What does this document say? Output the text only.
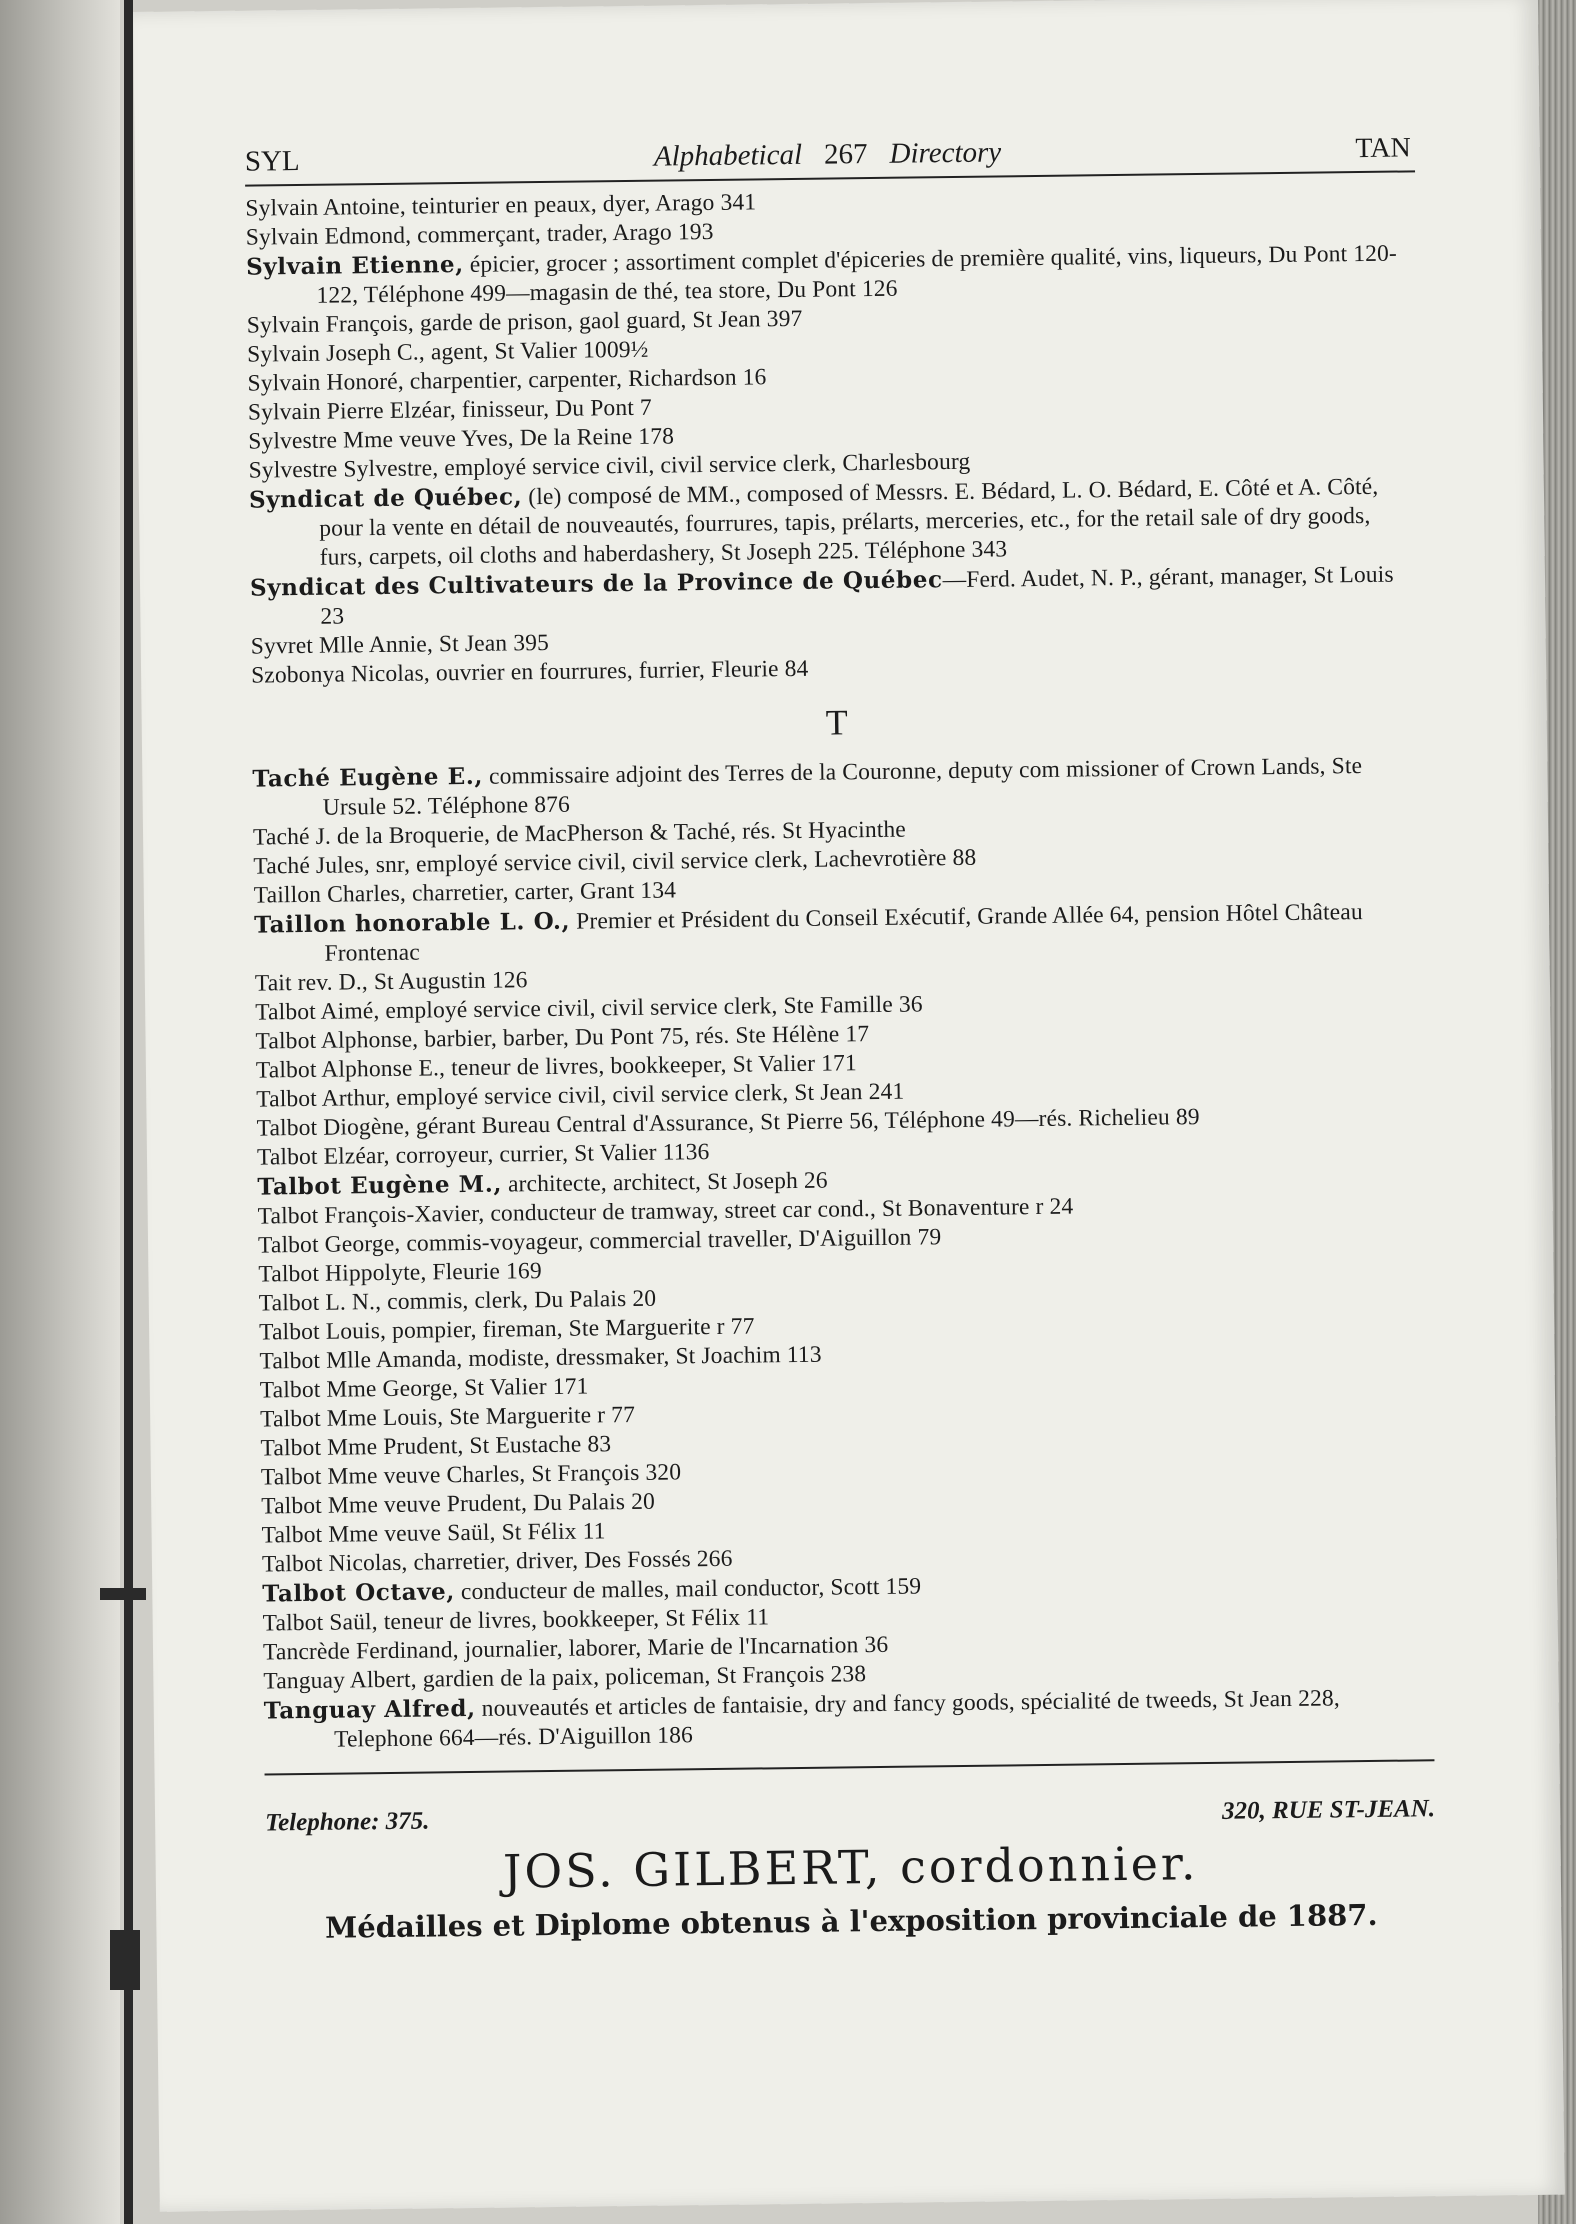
SYL	Alphabetical 267 Directory	TAN

Sylvain Antoine, teinturier en peaux, dyer, Arago 341

Sylvain Edmond, commerçant, trader, Arago 193

Sylvain Etienne, épicier, grocer ; assortiment complet d'épiceries de première qualité, vins, liqueurs, Du Pont 120-122, Téléphone 499—magasin de thé, tea store, Du Pont 126

Sylvain François, garde de prison, gaol guard, St Jean 397

Sylvain Joseph C., agent, St Valier 1009½

Sylvain Honoré, charpentier, carpenter, Richardson 16

Sylvain Pierre Elzéar, finisseur, Du Pont 7

Sylvestre Mme veuve Yves, De la Reine 178

Sylvestre Sylvestre, employé service civil, civil service clerk, Charlesbourg

Syndicat de Québec, (le) composé de MM., composed of Messrs. E. Bédard, L. O. Bédard, E. Côté et A. Côté, pour la vente en détail de nouveautés, fourrures, tapis, prélarts, merceries, etc., for the retail sale of dry goods, furs, carpets, oil cloths and haberdashery, St Joseph 225. Téléphone 343

Syndicat des Cultivateurs de la Province de Québec—Ferd. Audet, N. P., gérant, manager, St Louis 23

Syvret Mlle Annie, St Jean 395

Szobonya Nicolas, ouvrier en fourrures, furrier, Fleurie 84

T

Taché Eugène E., commissaire adjoint des Terres de la Couronne, deputy com missioner of Crown Lands, Ste Ursule 52. Téléphone 876

Taché J. de la Broquerie, de MacPherson & Taché, rés. St Hyacinthe

Taché Jules, snr, employé service civil, civil service clerk, Lachevrotière 88

Taillon Charles, charretier, carter, Grant 134

Taillon honorable L. O., Premier et Président du Conseil Exécutif, Grande Allée 64, pension Hôtel Château Frontenac

Tait rev. D., St Augustin 126

Talbot Aimé, employé service civil, civil service clerk, Ste Famille 36

Talbot Alphonse, barbier, barber, Du Pont 75, rés. Ste Hélène 17

Talbot Alphonse E., teneur de livres, bookkeeper, St Valier 171

Talbot Arthur, employé service civil, civil service clerk, St Jean 241

Talbot Diogène, gérant Bureau Central d'Assurance, St Pierre 56, Téléphone 49—rés. Richelieu 89

Talbot Elzéar, corroyeur, currier, St Valier 1136

Talbot Eugène M., architecte, architect, St Joseph 26

Talbot François-Xavier, conducteur de tramway, street car cond., St Bonaventure r 24

Talbot George, commis-voyageur, commercial traveller, D'Aiguillon 79

Talbot Hippolyte, Fleurie 169

Talbot L. N., commis, clerk, Du Palais 20

Talbot Louis, pompier, fireman, Ste Marguerite r 77

Talbot Mlle Amanda, modiste, dressmaker, St Joachim 113

Talbot Mme George, St Valier 171

Talbot Mme Louis, Ste Marguerite r 77

Talbot Mme Prudent, St Eustache 83

Talbot Mme veuve Charles, St François 320

Talbot Mme veuve Prudent, Du Palais 20

Talbot Mme veuve Saül, St Félix 11

Talbot Nicolas, charretier, driver, Des Fossés 266

Talbot Octave, conducteur de malles, mail conductor, Scott 159

Talbot Saül, teneur de livres, bookkeeper, St Félix 11

Tancrède Ferdinand, journalier, laborer, Marie de l'Incarnation 36

Tanguay Albert, gardien de la paix, policeman, St François 238

Tanguay Alfred, nouveautés et articles de fantaisie, dry and fancy goods, spécialité de tweeds, St Jean 228, Telephone 664—rés. D'Aiguillon 186

Telephone: 375.	320, RUE ST-JEAN.
JOS. GILBERT, cordonnier.
Médailles et Diplome obtenus à l'exposition provinciale de 1887.
